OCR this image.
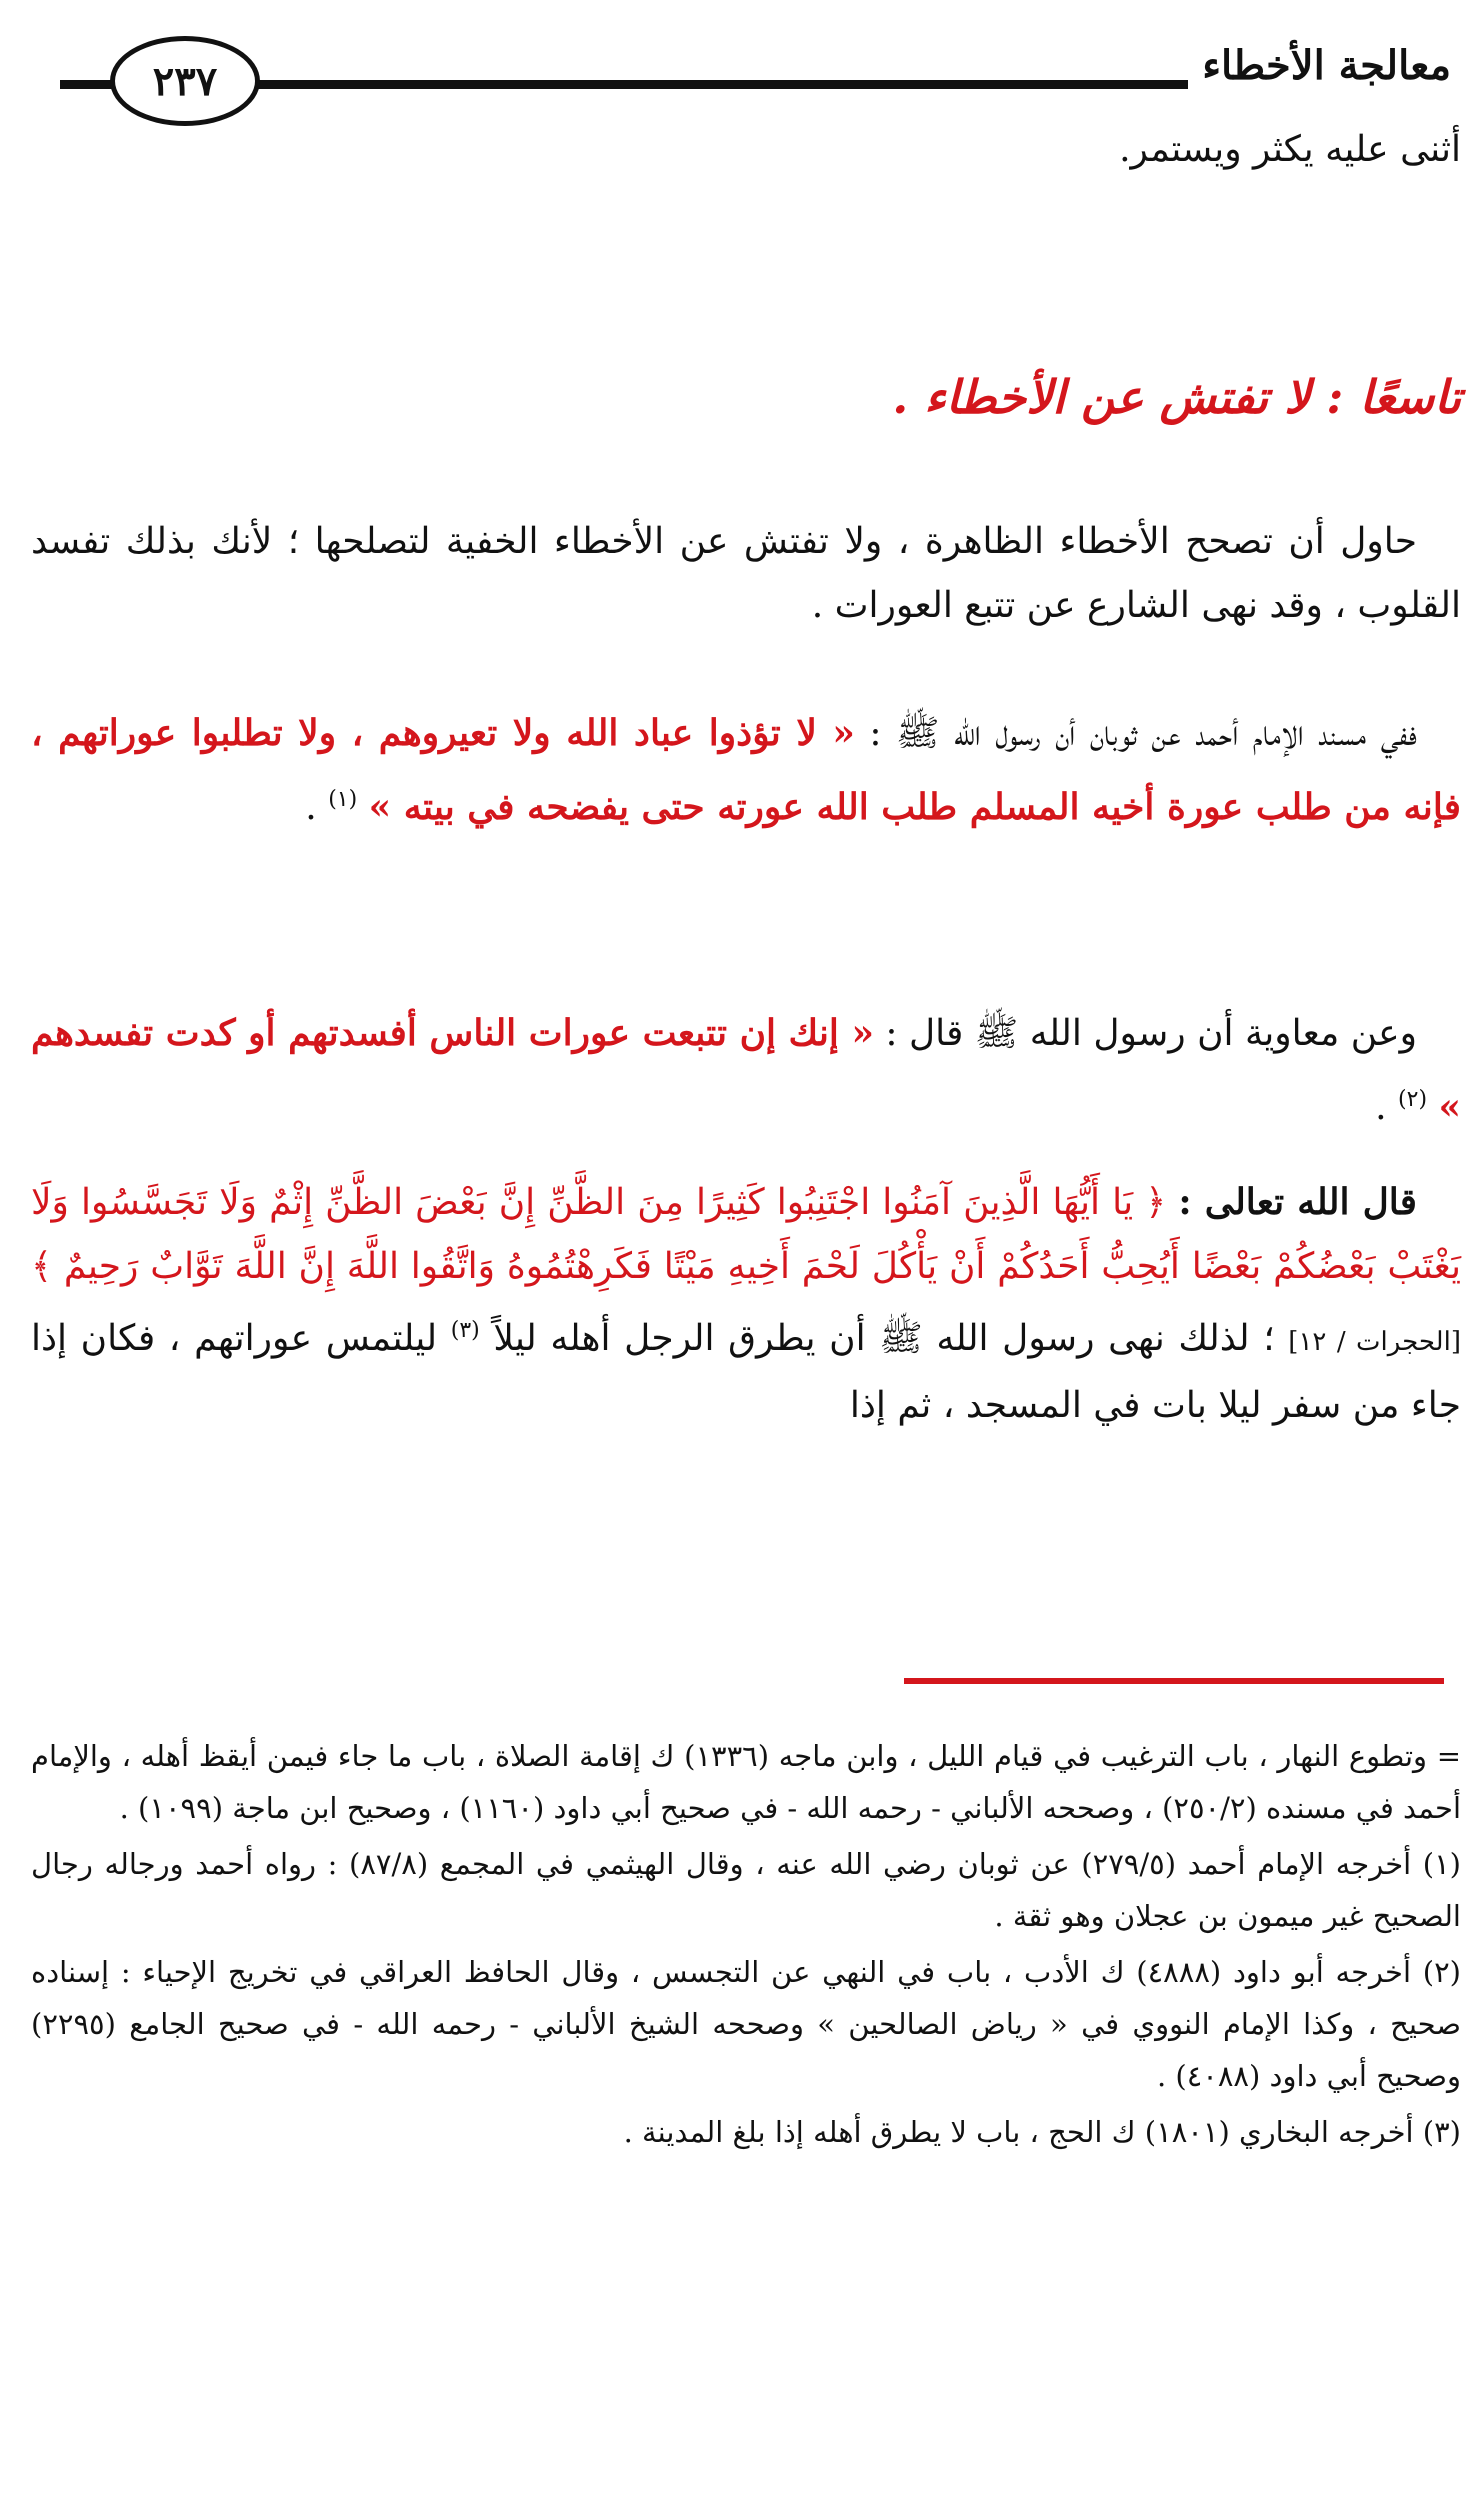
٢٣٧	معالجة الأخطاء
أثنى عليه يكثر ويستمر.
تاسعًا : لا تفتش عن الأخطاء .
حاول أن تصحح الأخطاء الظاهرة ، ولا تفتش عن الأخطاء الخفية لتصلحها ؛ لأنك بذلك تفسد القلوب ، وقد نهى الشارع عن تتبع العورات .
ففي مسند الإمام أحمد عن ثوبان أن رسول الله ﷺ : « لا تؤذوا عباد الله ولا تعيروهم ، ولا تطلبوا عوراتهم ، فإنه من طلب عورة أخيه المسلم طلب الله عورته حتى يفضحه في بيته » $^{(١)}$ .
وعن معاوية أن رسول الله ﷺ قال : « إنك إن تتبعت عورات الناس أفسدتهم أو كدت تفسدهم » $^{(٢)}$ .
قال الله تعالى : ﴿ يَا أَيُّهَا الَّذِينَ آمَنُوا اجْتَنِبُوا كَثِيرًا مِنَ الظَّنِّ إِنَّ بَعْضَ الظَّنِّ إِثْمٌ وَلَا تَجَسَّسُوا وَلَا يَغْتَبْ بَعْضُكُمْ بَعْضًا أَيُحِبُّ أَحَدُكُمْ أَنْ يَأْكُلَ لَحْمَ أَخِيهِ مَيْتًا فَكَرِهْتُمُوهُ وَاتَّقُوا اللَّهَ إِنَّ اللَّهَ تَوَّابٌ رَحِيمٌ ﴾ [الحجرات / ١٢] ؛ لذلك نهى رسول الله ﷺ أن يطرق الرجل أهله ليلاً $^{(٣)}$ ليلتمس عوراتهم ، فكان إذا جاء من سفر ليلا بات في المسجد ، ثم إذا

= وتطوع النهار ، باب الترغيب في قيام الليل ، وابن ماجه (١٣٣٦) ك إقامة الصلاة ، باب ما جاء فيمن أيقظ أهله ، والإمام أحمد في مسنده (٢٥٠/٢) ، وصححه الألباني - رحمه الله - في صحيح أبي داود (١١٦٠) ، وصحيح ابن ماجة (١٠٩٩) .

(١) أخرجه الإمام أحمد (٢٧٩/٥) عن ثوبان رضي الله عنه ، وقال الهيثمي في المجمع (٨٧/٨) : رواه أحمد ورجاله رجال الصحيح غير ميمون بن عجلان وهو ثقة .

(٢) أخرجه أبو داود (٤٨٨٨) ك الأدب ، باب في النهي عن التجسس ، وقال الحافظ العراقي في تخريج الإحياء : إسناده صحيح ، وكذا الإمام النووي في « رياض الصالحين » وصححه الشيخ الألباني - رحمه الله - في صحيح الجامع (٢٢٩٥) وصحيح أبي داود (٤٠٨٨) .

(٣) أخرجه البخاري (١٨٠١) ك الحج ، باب لا يطرق أهله إذا بلغ المدينة .
